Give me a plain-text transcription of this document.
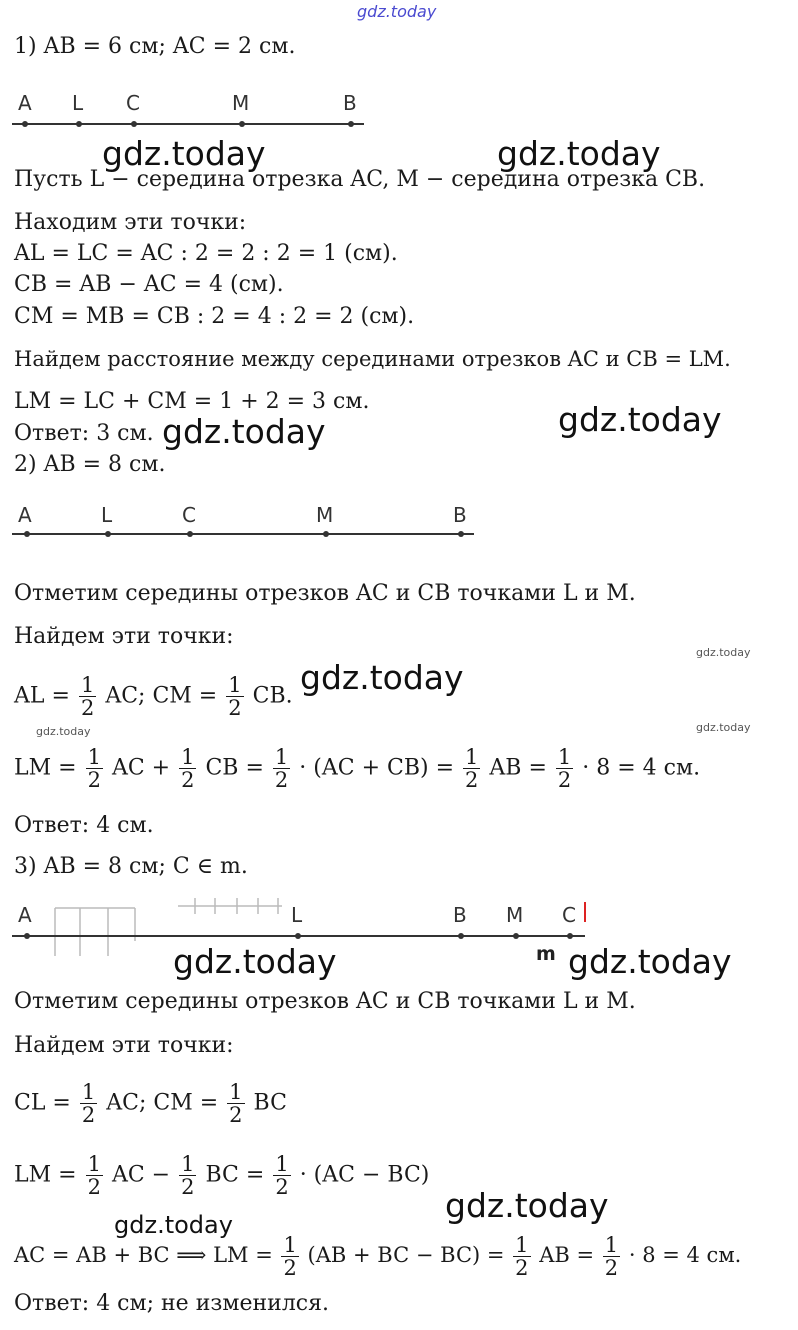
gdz.today
1) AB = 6 см; AC = 2 см.
A L C	M	B
gdz.today	gdz.today
Пусть L − середина отрезка AC, M − середина отрезка CB.
Находим эти точки:
AL = LC = AC : 2 = 2 : 2 = 1 (см).
CB = AB − AC = 4 (см).
CM = MB = CB : 2 = 4 : 2 = 2 (см).
Найдем расстояние между серединами отрезков AC и CB = LM.
LM = LC + CM = 1 + 2 = 3 см.	gdz.today
Ответ: 3 см. gdz.today
2) AB = 8 см.
A	L	C	M	B
Отметим середины отрезков AC и CB точками L и M.
Найдем эти точки:
gdz.today
gdz.today
AL = $\frac{1}{2}$ AC; CM = $\frac{1}{2}$ CB.
gdz.today	gdz.today
LM = $\frac{1}{2}$ AC + $\frac{1}{2}$ CB = $\frac{1}{2} \cdot (AC + CB) = \frac{1}{2}$ AB = $\frac{1}{2} \cdot 8 = 4$ см.
Ответ: 4 см.
3) AB = 8 см; C ∈ m.
A	L	B M C
m
gdz.today	gdz.today
Отметим середины отрезков AC и CB точками L и M.
Найдем эти точки:
CL = $\frac{1}{2}$ AC; CM = $\frac{1}{2}$ BC
LM = $\frac{1}{2}$ AC − $\frac{1}{2}$ BC = $\frac{1}{2} \cdot (AC - BC)$
gdz.today
gdz.today
AC = AB + BC ⟹ LM = $\frac{1}{2} (AB$ + BC − $BC) = \frac{1}{2}$ AB = $\frac{1}{2} \cdot 8 = 4$ см.
Ответ: 4 см; не изменился.
